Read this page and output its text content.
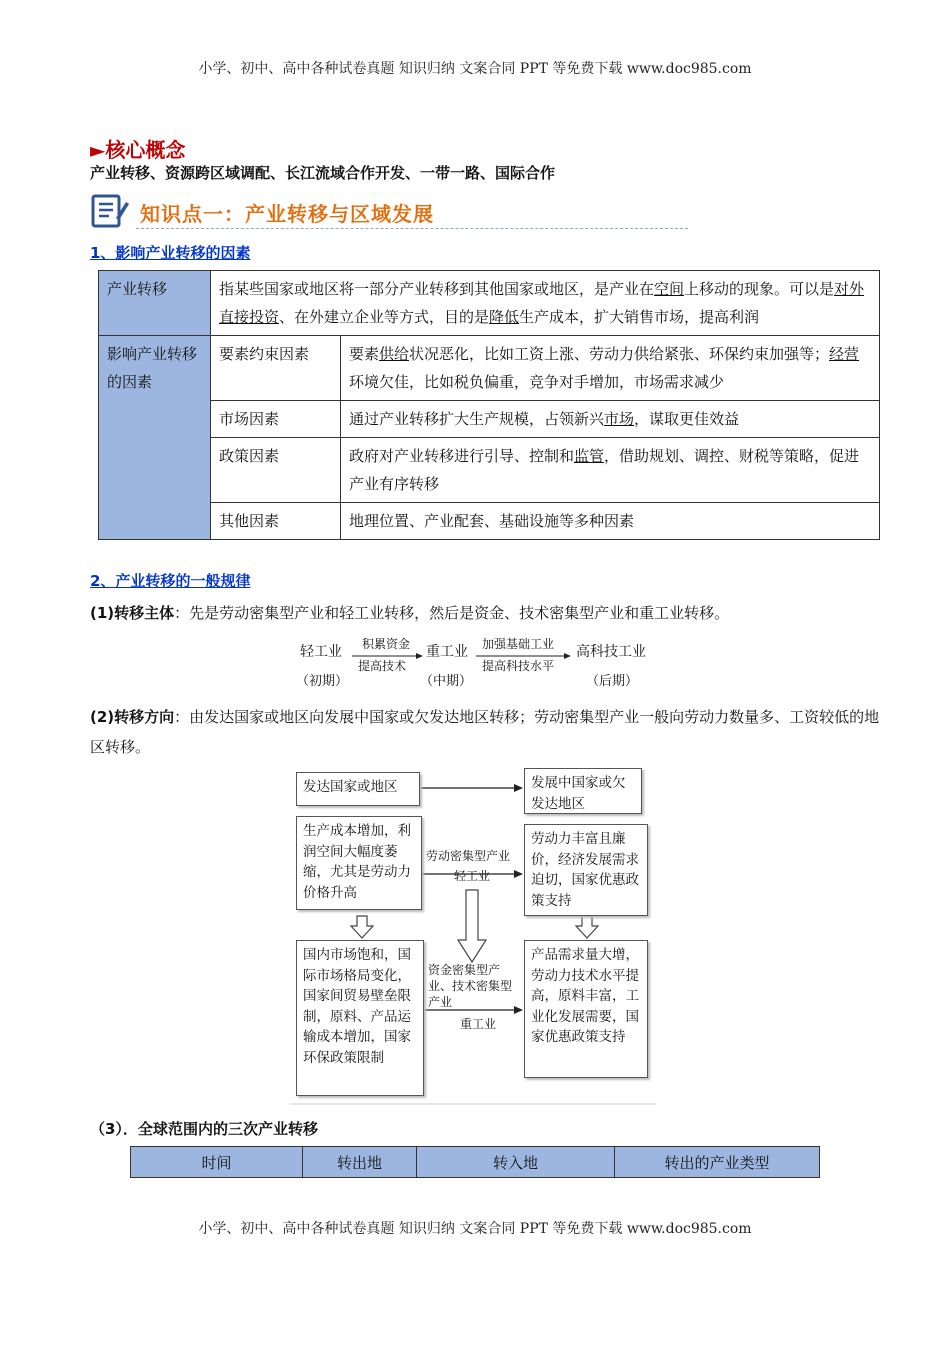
小学、初中、高中各种试卷真题 知识归纳 文案合同 PPT 等免费下载 www.doc985.com
►核心概念
产业转移、资源跨区域调配、长江流域合作开发、一带一路、国际合作
知识点一：产业转移与区域发展
1、影响产业转移的因素
产业转移	指某些国家或地区将一部分产业转移到其他国家或地区，是产业在空间上移动的现象。可以是对外直接投资、在外建立企业等方式，目的是降低生产成本，扩大销售市场，提高利润	
影响产业转移的因素	要素约束因素	要素供给状况恶化，比如工资上涨、劳动力供给紧张、环保约束加强等；经营环境欠佳，比如税负偏重，竞争对手增加，市场需求减少
	市场因素	通过产业转移扩大生产规模，占领新兴市场，谋取更佳效益
	政策因素	政府对产业转移进行引导、控制和监管，借助规划、调控、财税等策略，促进产业有序转移
	其他因素	地理位置、产业配套、基础设施等多种因素
2、产业转移的一般规律
(1)转移主体：先是劳动密集型产业和轻工业转移，然后是资金、技术密集型产业和重工业转移。
轻工业
（初期）
积累资金
提高技术
重工业
（中期）
加强基础工业
提高科技水平
高科技工业
（后期）
(2)转移方向：由发达国家或地区向发展中国家或欠发达地区转移；劳动密集型产业一般向劳动力数量多、工资较低的地区转移。
发达国家或地区	发展中国家或欠发达地区
生产成本增加，利润空间大幅度萎缩，尤其是劳动力价格升高
劳动力丰富且廉价，经济发展需求迫切，国家优惠政策支持
劳动密集型产业
轻工业
国内市场饱和，国际市场格局变化，国家间贸易壁垒限制，原料、产品运输成本增加，国家环保政策限制
产品需求量大增，劳动力技术水平提高，原料丰富，工业化发展需要，国家优惠政策支持
资金密集型产业、技术密集型产业
重工业
（3）．全球范围内的三次产业转移
时间	转出地	转入地	转出的产业类型
小学、初中、高中各种试卷真题 知识归纳 文案合同 PPT 等免费下载 www.doc985.com
